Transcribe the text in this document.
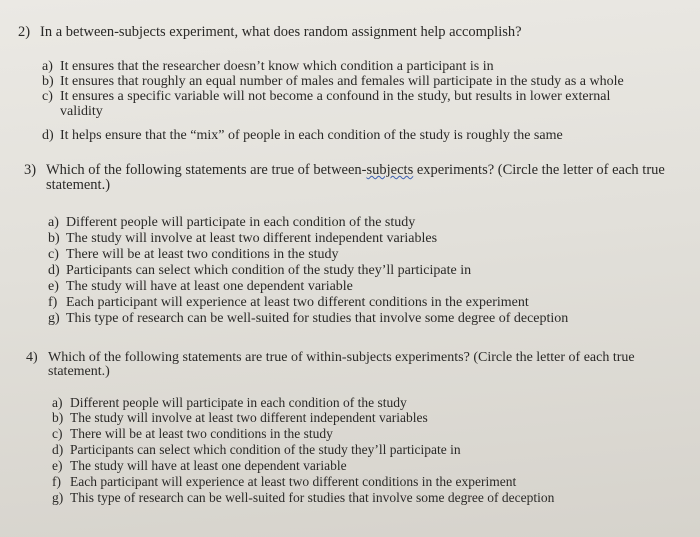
2) In a between-subjects experiment, what does random assignment help accomplish?
a) It ensures that the researcher doesn’t know which condition a participant is in
b) It ensures that roughly an equal number of males and females will participate in the study as a whole
c) It ensures a specific variable will not become a confound in the study, but results in lower external
validity
d) It helps ensure that the “mix” of people in each condition of the study is roughly the same
3) Which of the following statements are true of between-subjects experiments? (Circle the letter of each true
statement.)
a) Different people will participate in each condition of the study
b) The study will involve at least two different independent variables
c) There will be at least two conditions in the study
d) Participants can select which condition of the study they’ll participate in
e) The study will have at least one dependent variable
f) Each participant will experience at least two different conditions in the experiment
g) This type of research can be well-suited for studies that involve some degree of deception
4) Which of the following statements are true of within-subjects experiments? (Circle the letter of each true
statement.)
a) Different people will participate in each condition of the study
b) The study will involve at least two different independent variables
c) There will be at least two conditions in the study
d) Participants can select which condition of the study they’ll participate in
e) The study will have at least one dependent variable
f) Each participant will experience at least two different conditions in the experiment
g) This type of research can be well-suited for studies that involve some degree of deception
